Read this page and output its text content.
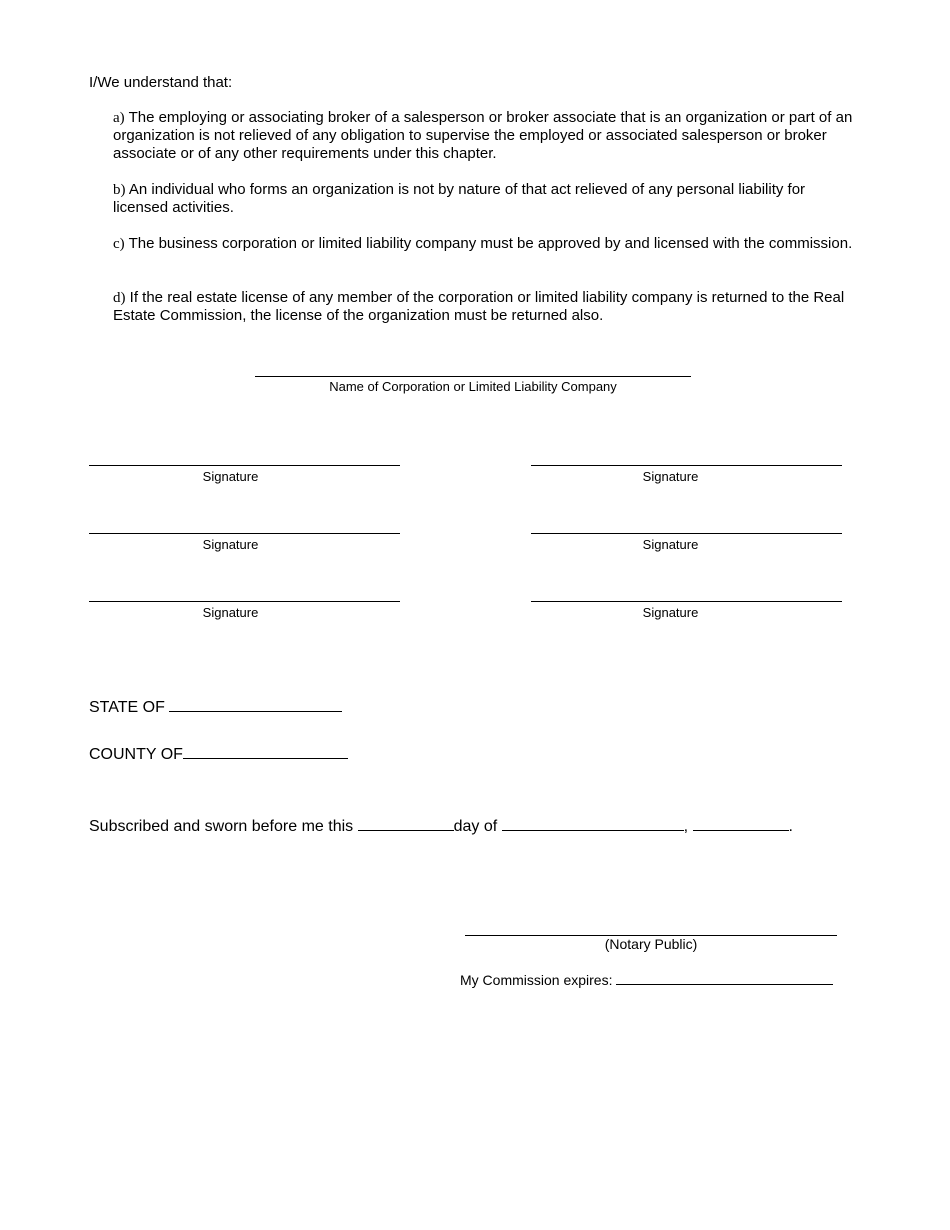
I/We understand that:
a) The employing or associating broker of a salesperson or broker associate that is an organization or part of an organization is not relieved of any obligation to supervise the employed or associated salesperson or broker associate or of any other requirements under this chapter.
b) An individual who forms an organization is not by nature of that act relieved of any personal liability for licensed activities.
c) The business corporation or limited liability company must be approved by and licensed with the commission.
d) If the real estate license of any member of the corporation or limited liability company is returned to the Real Estate Commission, the license of the organization must be returned also.
Name of Corporation or Limited Liability Company
Signature
Signature
Signature
Signature
Signature
Signature
STATE OF
COUNTY OF
Subscribed and sworn before me this	day of	,	.
(Notary Public)
My Commission expires:
